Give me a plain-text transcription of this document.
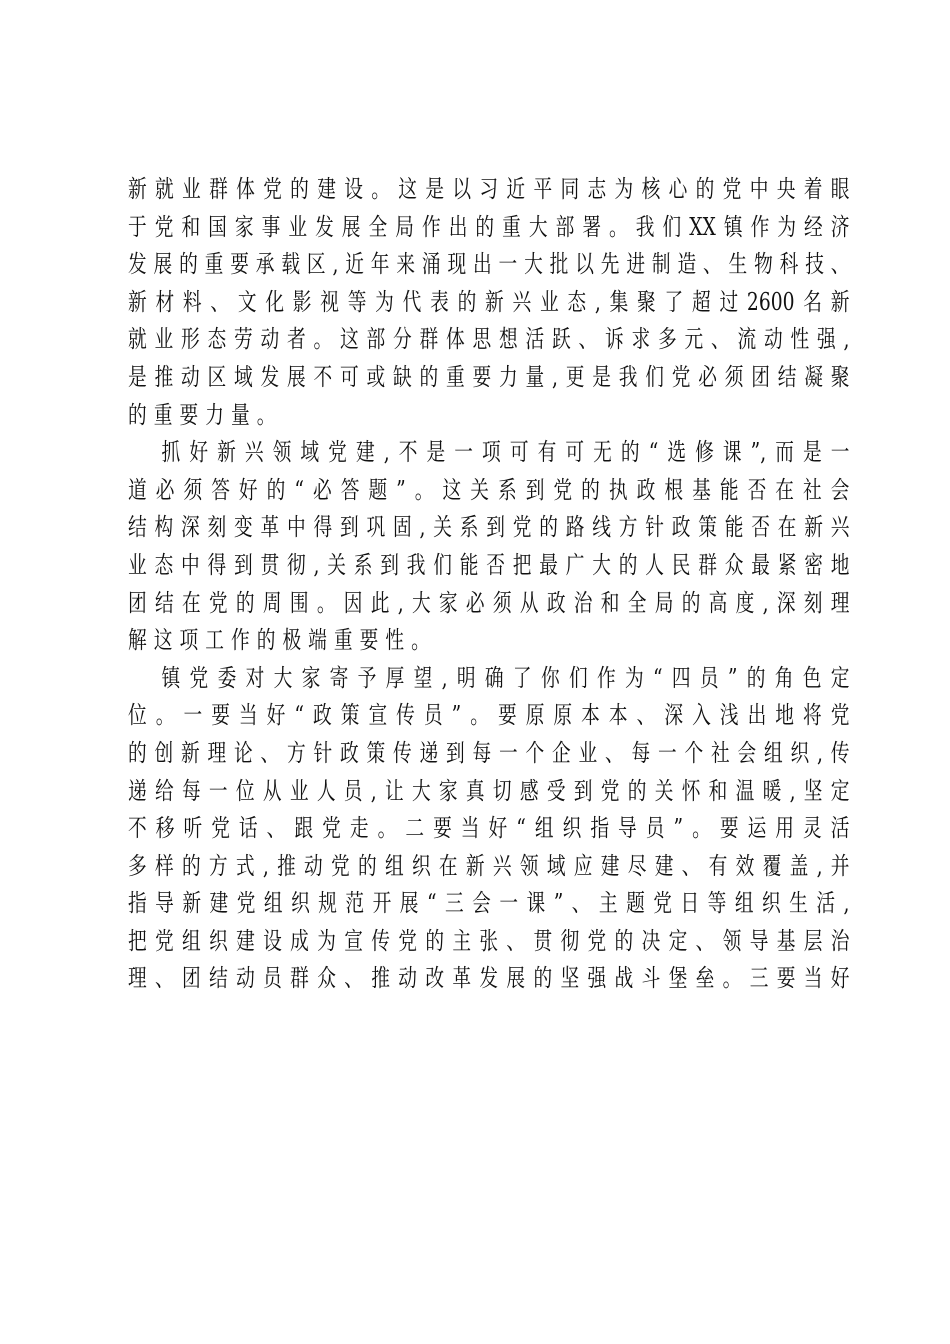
新就业群体党的建设。这是以习近平同志为核心的党中央着眼
于党和国家事业发展全局作出的重大部署。我们XX镇作为经济
发展的重要承载区,近年来涌现出一大批以先进制造、生物科技、
新材料、文化影视等为代表的新兴业态,集聚了超过2600名新
就业形态劳动者。这部分群体思想活跃、诉求多元、流动性强,
是推动区域发展不可或缺的重要力量,更是我们党必须团结凝聚
的重要力量。
抓好新兴领域党建,不是一项可有可无的“选修课”,而是一
道必须答好的“必答题”。这关系到党的执政根基能否在社会
结构深刻变革中得到巩固,关系到党的路线方针政策能否在新兴
业态中得到贯彻,关系到我们能否把最广大的人民群众最紧密地
团结在党的周围。因此,大家必须从政治和全局的高度,深刻理
解这项工作的极端重要性。
镇党委对大家寄予厚望,明确了你们作为“四员”的角色定
位。一要当好“政策宣传员”。要原原本本、深入浅出地将党
的创新理论、方针政策传递到每一个企业、每一个社会组织,传
递给每一位从业人员,让大家真切感受到党的关怀和温暖,坚定
不移听党话、跟党走。二要当好“组织指导员”。要运用灵活
多样的方式,推动党的组织在新兴领域应建尽建、有效覆盖,并
指导新建党组织规范开展“三会一课”、主题党日等组织生活,
把党组织建设成为宣传党的主张、贯彻党的决定、领导基层治
理、团结动员群众、推动改革发展的坚强战斗堡垒。三要当好
